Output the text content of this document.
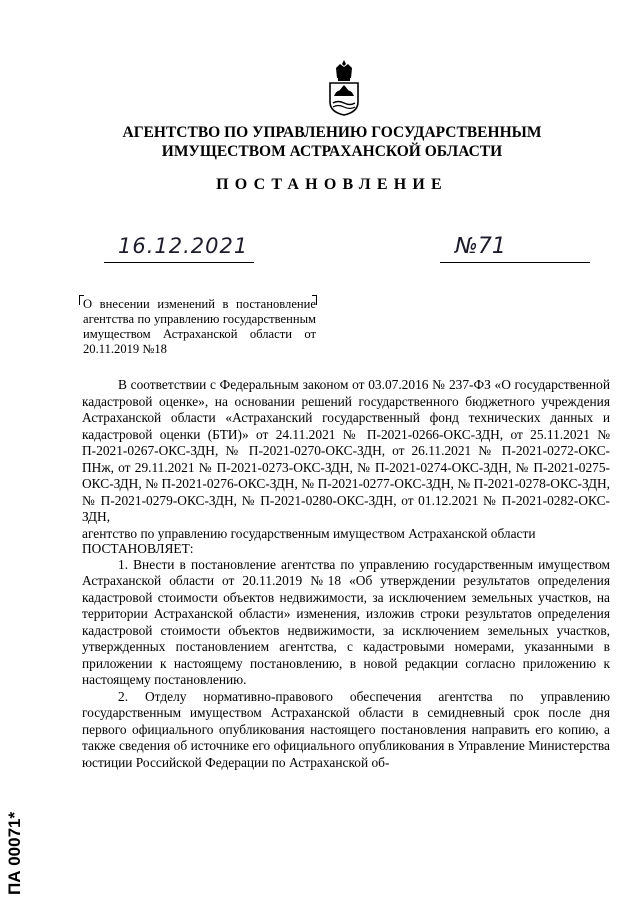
АГЕНТСТВО ПО УПРАВЛЕНИЮ ГОСУДАРСТВЕННЫМ
ИМУЩЕСТВОМ АСТРАХАНСКОЙ ОБЛАСТИ
ПОСТАНОВЛЕНИЕ
16.12.2021	№71
О внесении изменений в постановление агентства по управлению государственным имуществом Астраханской области от 20.11.2019 №18

В соответствии с Федеральным законом от 03.07.2016 № 237-ФЗ «О государственной кадастровой оценке», на основании решений государственного бюджетного учреждения Астраханской области «Астраханский государственный фонд технических данных и кадастровой оценки (БТИ)» от 24.11.2021 № П-2021-0266-ОКС-ЗДН, от 25.11.2021 № П-2021-0267-ОКС-ЗДН, № П-2021-0270-ОКС-ЗДН, от 26.11.2021 № П-2021-0272-ОКС-ПНж, от 29.11.2021 № П-2021-0273-ОКС-ЗДН, № П-2021-0274-ОКС-ЗДН, № П-2021-0275-ОКС-ЗДН, № П-2021-0276-ОКС-ЗДН, № П-2021-0277-ОКС-ЗДН, № П-2021-0278-ОКС-ЗДН, № П-2021-0279-ОКС-ЗДН, № П-2021-0280-ОКС-ЗДН, от 01.12.2021 № П-2021-0282-ОКС-ЗДН,

агентство по управлению государственным имуществом Астраханской области

ПОСТАНОВЛЯЕТ:

1. Внести в постановление агентства по управлению государственным имуществом Астраханской области от 20.11.2019 №18 «Об утверждении результатов определения кадастровой стоимости объектов недвижимости, за исключением земельных участков, на территории Астраханской области» изменения, изложив строки результатов определения кадастровой стоимости объектов недвижимости, за исключением земельных участков, утвержденных постановлением агентства, с кадастровыми номерами, указанными в приложении к настоящему постановлению, в новой редакции согласно приложению к настоящему постановлению.

2. Отделу нормативно-правового обеспечения агентства по управлению государственным имуществом Астраханской области в семидневный срок после дня первого официального опубликования настоящего постановления направить его копию, а также сведения об источнике его официального опубликования в Управление Министерства юстиции Российской Федерации по Астраханской об-

ПА 00071*
